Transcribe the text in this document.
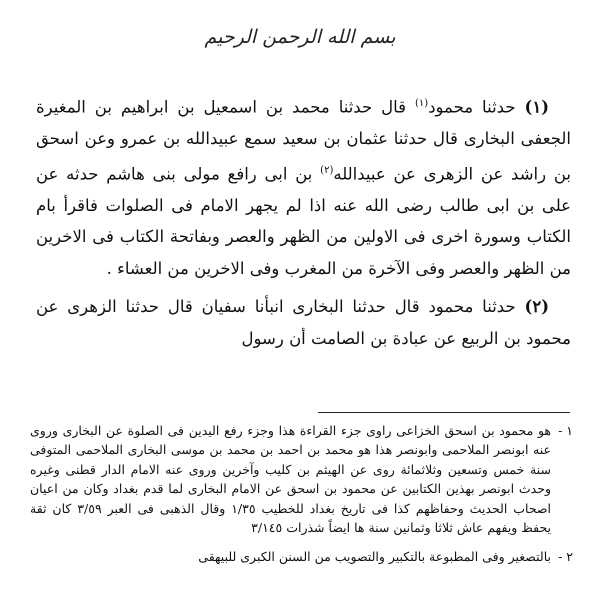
بسم الله الرحمن الرحيم

(١) حدثنا محمود$^{(١)}$ قال حدثنا محمد بن اسمعيل بن ابراهيم بن المغيرة الجعفى البخارى قال حدثنا عثمان بن سعيد سمع عبيدالله بن عمرو وعن اسحق بن راشد عن الزهرى عن عبيدالله$^{(٢)}$ بن ابى رافع مولى بنى هاشم حدثه عن على بن ابى طالب رضى الله عنه اذا لم يجهر الامام فى الصلوات فاقرأ بام الكتاب وسورة اخرى فى الاولين من الظهر والعصر وبفاتحة الكتاب فى الاخرين من الظهر والعصر وفى الآخرة من المغرب وفى الاخرين من العشاء .

(٢) حدثنا محمود قال حدثنا البخارى انبأنا سفيان قال حدثنا الزهرى عن محمود بن الربيع عن عبادة بن الصامت أن رسول

١ -
هو محمود بن اسحق الخزاعى راوى جزء القراءة هذا وجزء رفع اليدين فى الصلوة عن البخارى وروى عنه ابونصر الملاحمى وابونصر هذا هو محمد بن احمد بن محمد بن موسى البخارى الملاحمى المتوفى سنة خمس وتسعين وثلاثمائة روى عن الهيثم بن كليب وآخرين وروى عنه الامام الدار قطنى وغيره وحدث ابونصر بهذين الكتابين عن محمود بن اسحق عن الامام البخارى لما قدم بغداد وكان من اعيان اصحاب الحديث وحفاظهم كذا فى تاريخ بغداد للخطيب ١/٣٥ وقال الذهبى فى العبر ٣/٥٩ كان ثقة يحفظ ويفهم عاش ثلاثا وثمانين سنة ها ايضاً شذرات ٣/١٤٥

٢ -
بالتصغير وفى المطبوعة بالتكبير والتصويب من السنن الكبرى للبيهقى
